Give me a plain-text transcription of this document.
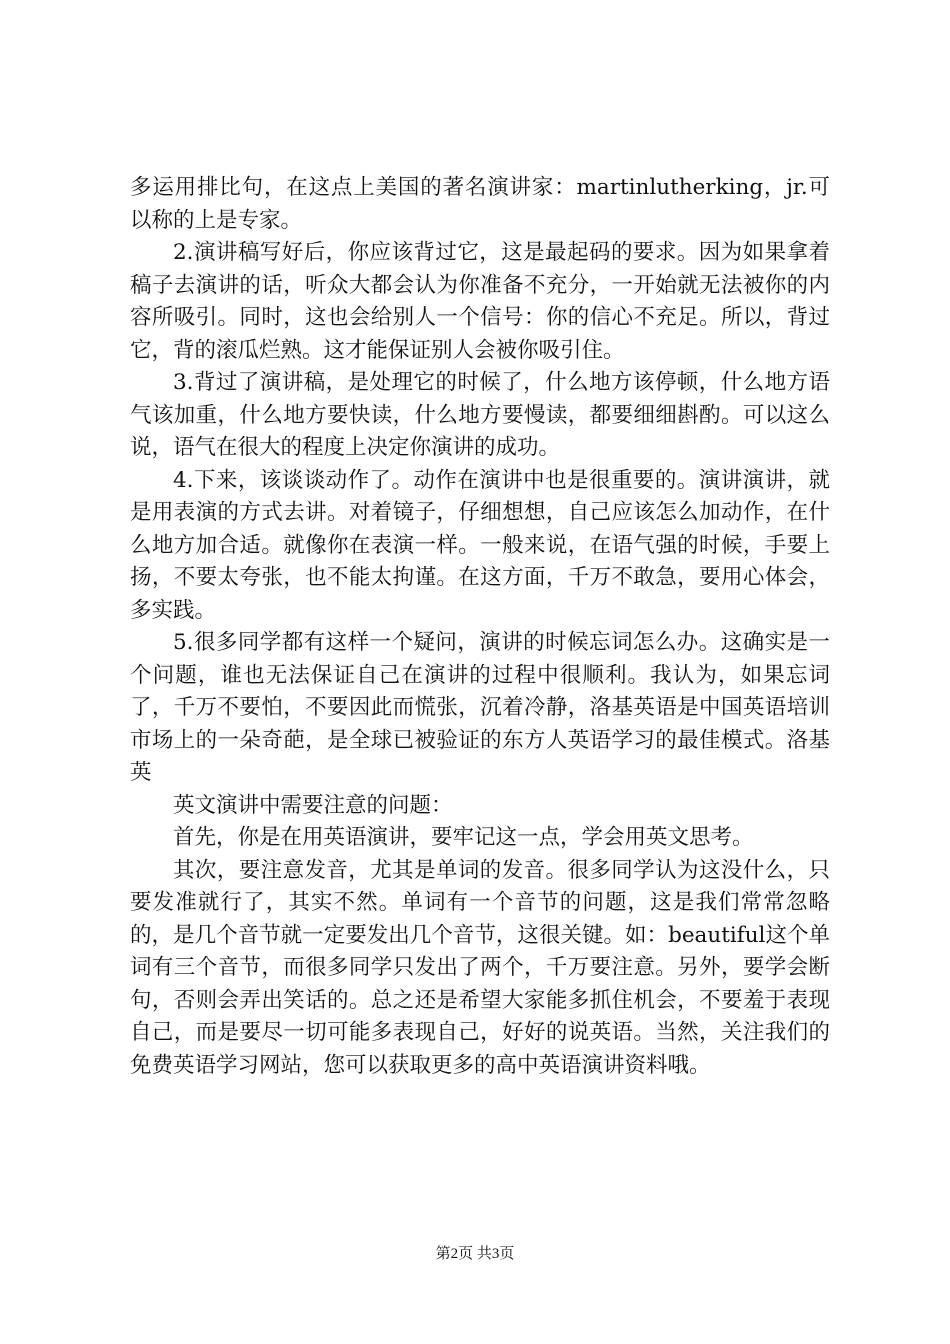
多运用排比句，在这点上美国的著名演讲家：martinlutherking，jr.可以称的上是专家。

2.演讲稿写好后，你应该背过它，这是最起码的要求。因为如果拿着稿子去演讲的话，听众大都会认为你准备不充分，一开始就无法被你的内容所吸引。同时，这也会给别人一个信号：你的信心不充足。所以，背过它，背的滚瓜烂熟。这才能保证别人会被你吸引住。

3.背过了演讲稿，是处理它的时候了，什么地方该停顿，什么地方语气该加重，什么地方要快读，什么地方要慢读，都要细细斟酌。可以这么说，语气在很大的程度上决定你演讲的成功。

4.下来，该谈谈动作了。动作在演讲中也是很重要的。演讲演讲，就是用表演的方式去讲。对着镜子，仔细想想，自己应该怎么加动作，在什么地方加合适。就像你在表演一样。一般来说，在语气强的时候，手要上扬，不要太夸张，也不能太拘谨。在这方面，千万不敢急，要用心体会，多实践。

5.很多同学都有这样一个疑问，演讲的时候忘词怎么办。这确实是一个问题，谁也无法保证自己在演讲的过程中很顺利。我认为，如果忘词了，千万不要怕，不要因此而慌张，沉着冷静，洛基英语是中国英语培训市场上的一朵奇葩，是全球已被验证的东方人英语学习的最佳模式。洛基英

英文演讲中需要注意的问题：

首先，你是在用英语演讲，要牢记这一点，学会用英文思考。

其次，要注意发音，尤其是单词的发音。很多同学认为这没什么，只要发准就行了，其实不然。单词有一个音节的问题，这是我们常常忽略的，是几个音节就一定要发出几个音节，这很关键。如：beautiful这个单词有三个音节，而很多同学只发出了两个，千万要注意。另外，要学会断句，否则会弄出笑话的。总之还是希望大家能多抓住机会，不要羞于表现自己，而是要尽一切可能多表现自己，好好的说英语。当然，关注我们的免费英语学习网站，您可以获取更多的高中英语演讲资料哦。

第2页 共3页
